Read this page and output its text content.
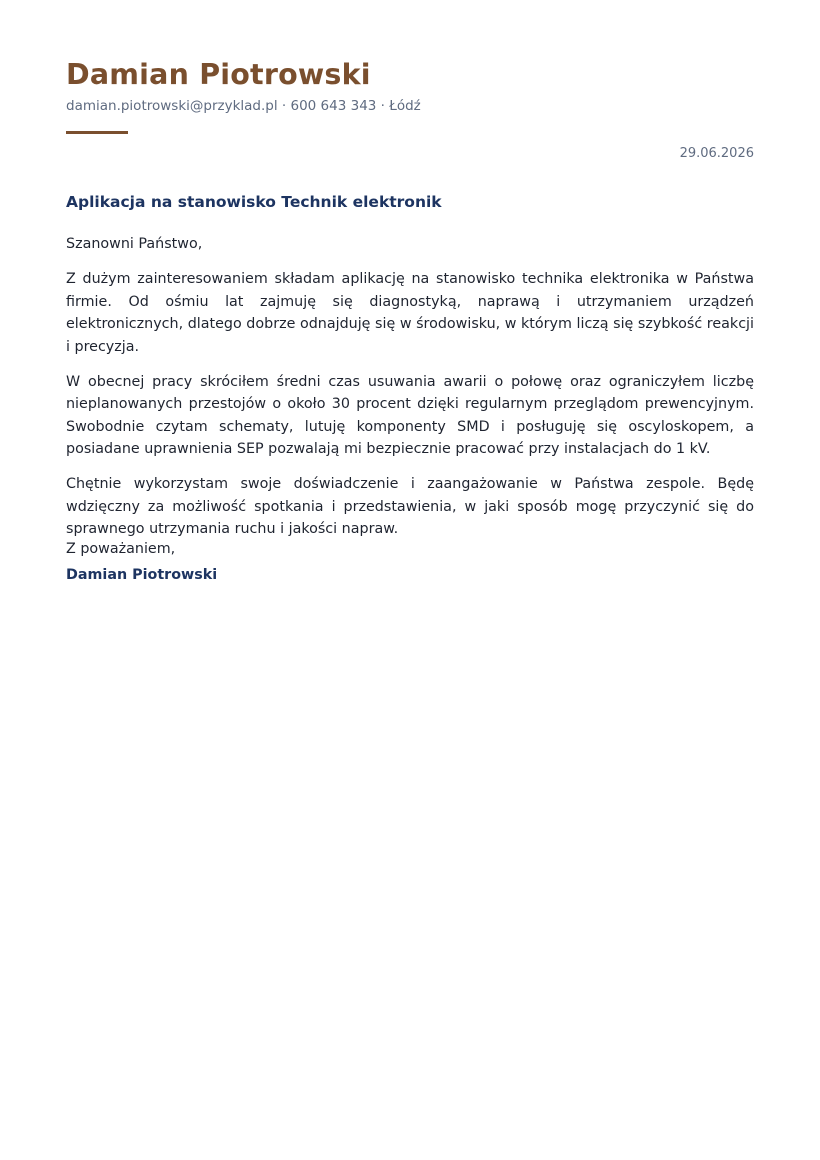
Damian Piotrowski
damian.piotrowski@przyklad.pl · 600 643 343 · Łódź
29.06.2026
Aplikacja na stanowisko Technik elektronik
Szanowni Państwo,

Z dużym zainteresowaniem składam aplikację na stanowisko technika elektronika w Państwa firmie. Od ośmiu lat zajmuję się diagnostyką, naprawą i utrzymaniem urządzeń elektronicznych, dlatego dobrze odnajduję się w środowisku, w którym liczą się szybkość reakcji i precyzja.

W obecnej pracy skróciłem średni czas usuwania awarii o połowę oraz ograniczyłem liczbę nieplanowanych przestojów o około 30 procent dzięki regularnym przeglądom prewencyjnym. Swobodnie czytam schematy, lutuję komponenty SMD i posługuję się oscyloskopem, a posiadane uprawnienia SEP pozwalają mi bezpiecznie pracować przy instalacjach do 1 kV.

Chętnie wykorzystam swoje doświadczenie i zaangażowanie w Państwa zespole. Będę wdzięczny za możliwość spotkania i przedstawienia, w jaki sposób mogę przyczynić się do sprawnego utrzymania ruchu i jakości napraw.

Z poważaniem,
Damian Piotrowski
